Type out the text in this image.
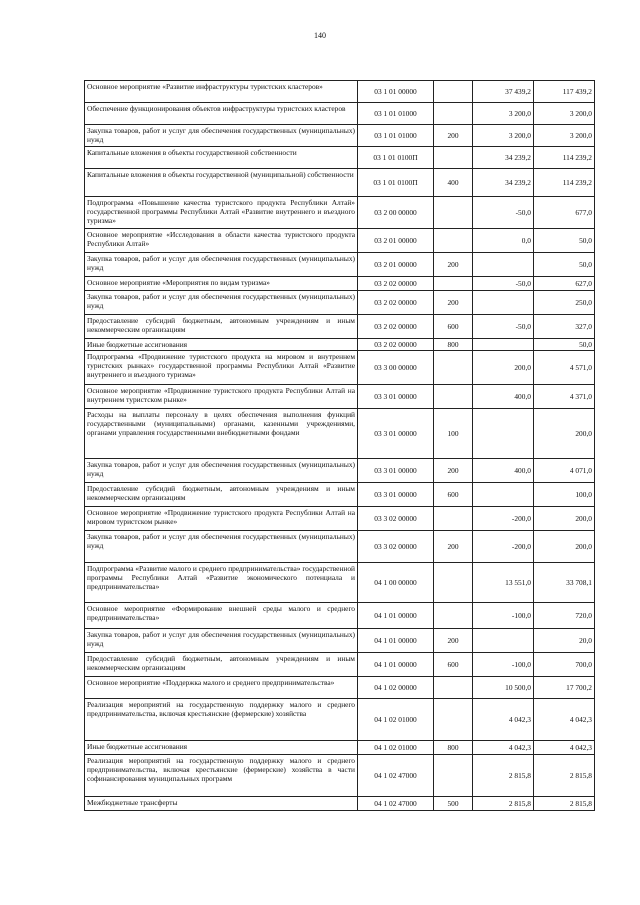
140
Основное мероприятие «Развитие инфраструктуры туристских кластеров»	03 1 01 00000		37 439,2	117 439,2
Обеспечение функционирования объектов инфраструктуры туристских кластеров	03 1 01 01000		3 200,0	3 200,0
Закупка товаров, работ и услуг для обеспечения государственных (муниципальных) нужд	03 1 01 01000	200	3 200,0	3 200,0
Капитальные вложения в объекты государственной собственности	03 1 01 0100П		34 239,2	114 239,2
Капитальные вложения в объекты государственной (муниципальной) собственности	03 1 01 0100П	400	34 239,2	114 239,2
Подпрограмма «Повышение качества туристского продукта Республики Алтай» государственной программы Республики Алтай «Развитие внутреннего и въездного туризма»	03 2 00 00000		-50,0	677,0
Основное мероприятие «Исследования в области качества туристского продукта Республики Алтай»	03 2 01 00000		0,0	50,0
Закупка товаров, работ и услуг для обеспечения государственных (муниципальных) нужд	03 2 01 00000	200		50,0
Основное мероприятие «Мероприятия по видам туризма»	03 2 02 00000		-50,0	627,0
Закупка товаров, работ и услуг для обеспечения государственных (муниципальных) нужд	03 2 02 00000	200		250,0
Предоставление субсидий бюджетным, автономным учреждениям и иным некоммерческим организациям	03 2 02 00000	600	-50,0	327,0
Иные бюджетные ассигнования	03 2 02 00000	800		50,0
Подпрограмма «Продвижение туристского продукта на мировом и внутреннем туристских рынках» государственной программы Республики Алтай «Развитие внутреннего и въездного туризма»	03 3 00 00000		200,0	4 571,0
Основное мероприятие «Продвижение туристского продукта Республики Алтай на внутреннем туристском рынке»	03 3 01 00000		400,0	4 371,0
Расходы на выплаты персоналу в целях обеспечения выполнения функций государственными (муниципальными) органами, казенными учреждениями, органами управления государственными внебюджетными фондами	03 3 01 00000	100		200,0
Закупка товаров, работ и услуг для обеспечения государственных (муниципальных) нужд	03 3 01 00000	200	400,0	4 071,0
Предоставление субсидий бюджетным, автономным учреждениям и иным некоммерческим организациям	03 3 01 00000	600		100,0
Основное мероприятие «Продвижение туристского продукта Республики Алтай на мировом туристском рынке»	03 3 02 00000		-200,0	200,0
Закупка товаров, работ и услуг для обеспечения государственных (муниципальных) нужд	03 3 02 00000	200	-200,0	200,0
Подпрограмма «Развитие малого и среднего предпринимательства» государственной программы Республики Алтай «Развитие экономического потенциала и предпринимательства»	04 1 00 00000		13 551,0	33 708,1
Основное мероприятие «Формирование внешней среды малого и среднего предпринимательства»	04 1 01 00000		-100,0	720,0
Закупка товаров, работ и услуг для обеспечения государственных (муниципальных) нужд	04 1 01 00000	200		20,0
Предоставление субсидий бюджетным, автономным учреждениям и иным некоммерческим организациям	04 1 01 00000	600	-100,0	700,0
Основное мероприятие «Поддержка малого и среднего предпринимательства»	04 1 02 00000		10 500,0	17 700,2
Реализация мероприятий на государственную поддержку малого и среднего предпринимательства, включая крестьянские (фермерские) хозяйства	04 1 02 01000		4 042,3	4 042,3
Иные бюджетные ассигнования	04 1 02 01000	800	4 042,3	4 042,3
Реализация мероприятий на государственную поддержку малого и среднего предпринимательства, включая крестьянские (фермерские) хозяйства в части софинансирования муниципальных программ	04 1 02 47000		2 815,8	2 815,8
Межбюджетные трансферты	04 1 02 47000	500	2 815,8	2 815,8
